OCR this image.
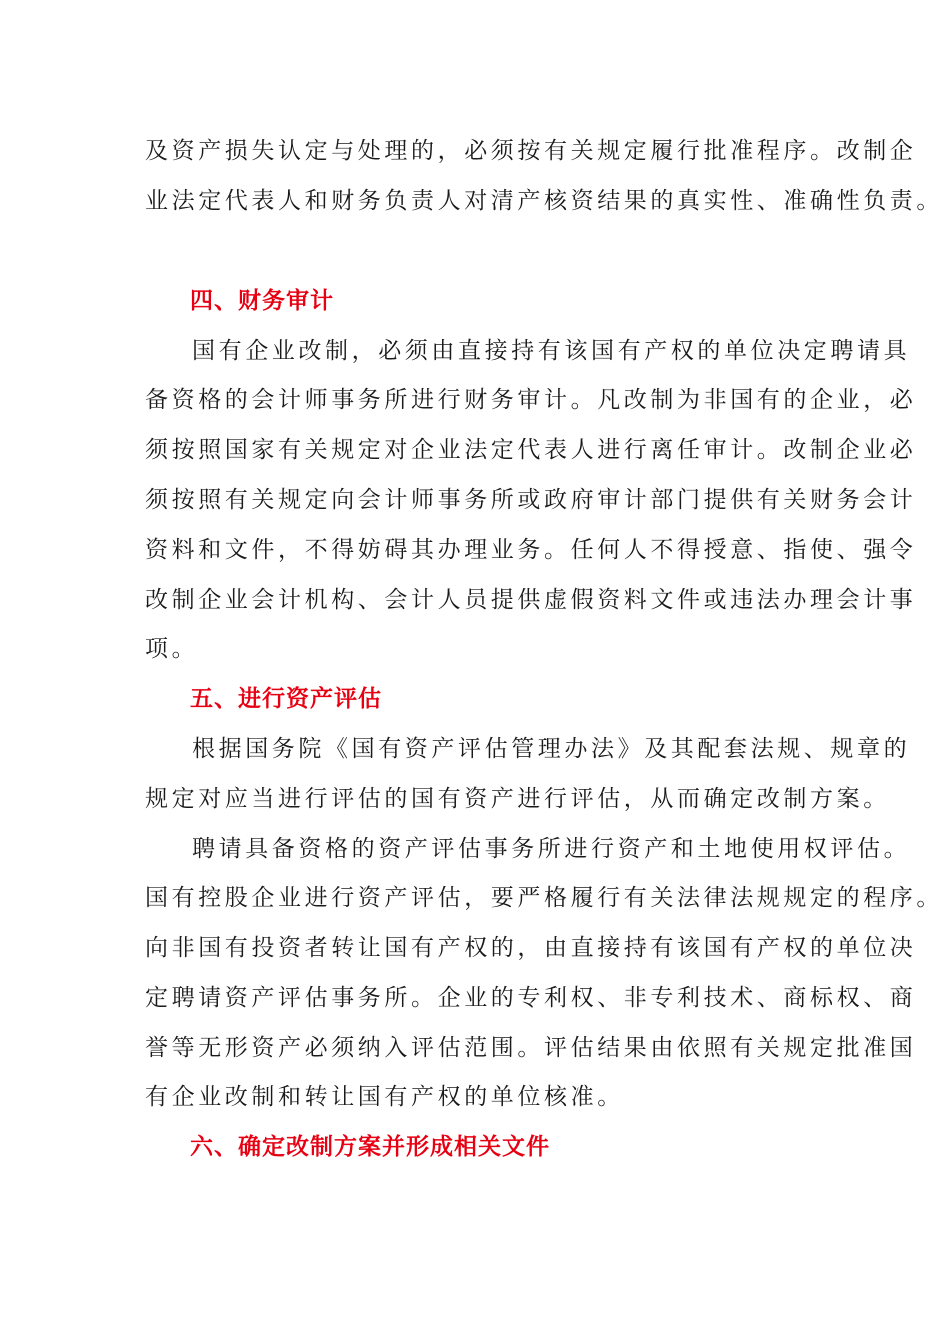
及资产损失认定与处理的，必须按有关规定履行批准程序。改制企
业法定代表人和财务负责人对清产核资结果的真实性、准确性负责。
四、财务审计
国有企业改制，必须由直接持有该国有产权的单位决定聘请具
备资格的会计师事务所进行财务审计。凡改制为非国有的企业，必
须按照国家有关规定对企业法定代表人进行离任审计。改制企业必
须按照有关规定向会计师事务所或政府审计部门提供有关财务会计
资料和文件，不得妨碍其办理业务。任何人不得授意、指使、强令
改制企业会计机构、会计人员提供虚假资料文件或违法办理会计事
项。
五、进行资产评估
根据国务院《国有资产评估管理办法》及其配套法规、规章的
规定对应当进行评估的国有资产进行评估，从而确定改制方案。
聘请具备资格的资产评估事务所进行资产和土地使用权评估。
国有控股企业进行资产评估，要严格履行有关法律法规规定的程序。
向非国有投资者转让国有产权的，由直接持有该国有产权的单位决
定聘请资产评估事务所。企业的专利权、非专利技术、商标权、商
誉等无形资产必须纳入评估范围。评估结果由依照有关规定批准国
有企业改制和转让国有产权的单位核准。
六、确定改制方案并形成相关文件
